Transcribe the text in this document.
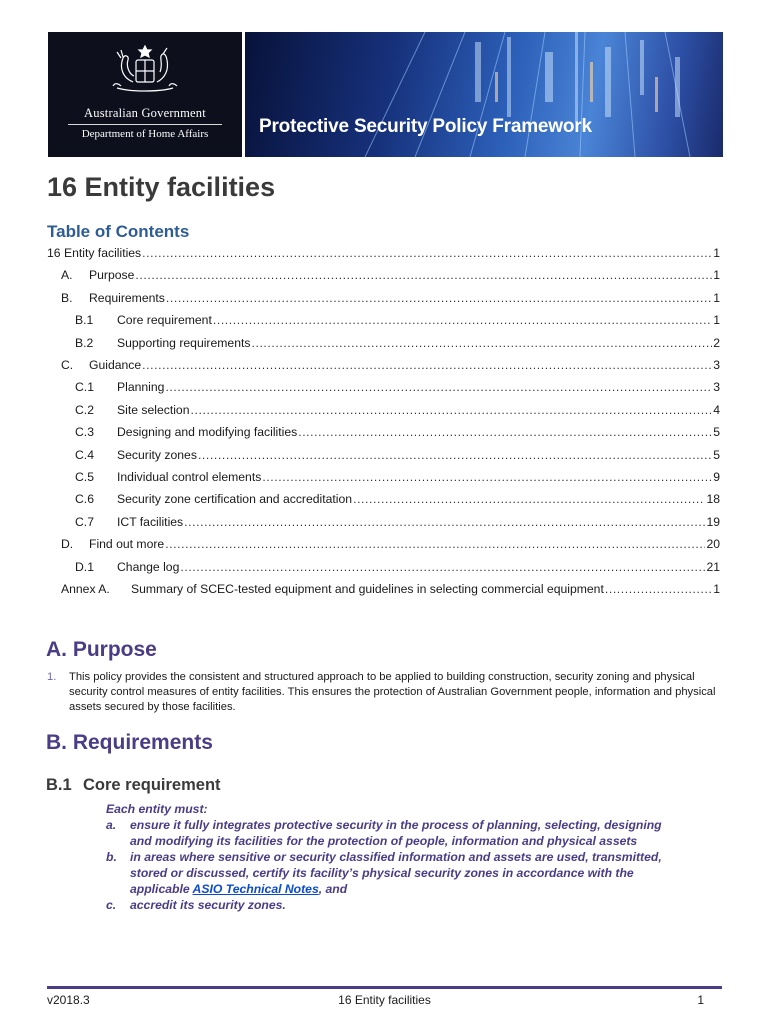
Australian Government
Department of Home Affairs	Protective Security Policy Framework
16 Entity facilities
Table of Contents
16 Entity facilities .....	1
A.	Purpose .....	1
B.	Requirements .....	1
B.1	Core requirement .....	1
B.2	Supporting requirements .....	2
C.	Guidance .....	3
C.1	Planning .....	3
C.2	Site selection .....	4
C.3	Designing and modifying facilities .....	5
C.4	Security zones .....	5
C.5	Individual control elements .....	9
C.6	Security zone certification and accreditation .....	18
C.7	ICT facilities .....	19
D.	Find out more .....	20
D.1	Change log .....	21
Annex A.	Summary of SCEC-tested equipment and guidelines in selecting commercial equipment .....	1
A. Purpose
1. This policy provides the consistent and structured approach to be applied to building construction, security zoning and physical security control measures of entity facilities. This ensures the protection of Australian Government people, information and physical assets secured by those facilities.
B. Requirements
B.1 Core requirement
Each entity must:
a. ensure it fully integrates protective security in the process of planning, selecting, designing and modifying its facilities for the protection of people, information and physical assets
b. in areas where sensitive or security classified information and assets are used, transmitted, stored or discussed, certify its facility’s physical security zones in accordance with the applicable ASIO Technical Notes, and
c. accredit its security zones.
v2018.3	16 Entity facilities	1
